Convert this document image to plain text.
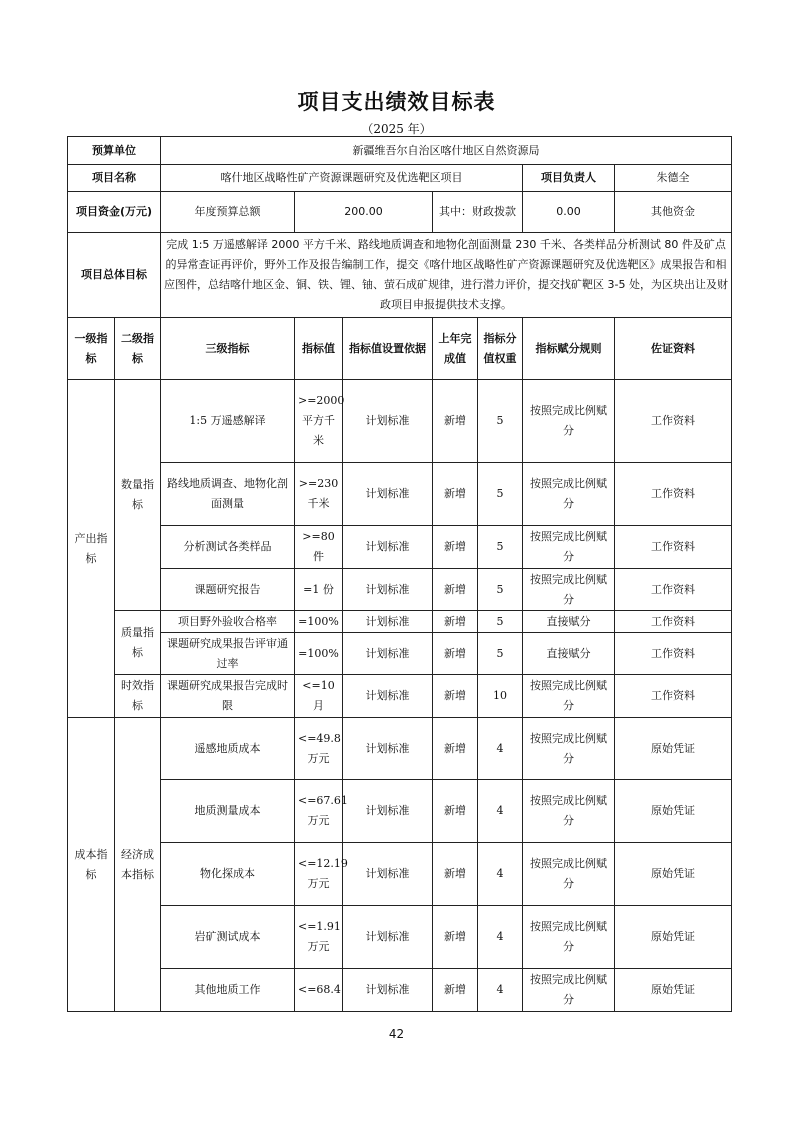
项目支出绩效目标表
（2025 年）
预算单位		新疆维吾尔自治区喀什地区自然资源局						
项目名称		喀什地区战略性矿产资源课题研究及优选靶区项目					项目负责人	朱德全
项目资金(万元)		年度预算总额	200.00		其中：财政拨款		0.00	其他资金
项目总体目标		完成 1:5 万遥感解译 2000 平方千米、路线地质调查和地物化剖面测量 230 千米、各类样品分析测试 80 件及矿点的异常查证再评价，野外工作及报告编制工作，提交《喀什地区战略性矿产资源课题研究及优选靶区》成果报告和相应图件，总结喀什地区金、铜、铁、锂、铀、萤石成矿规律，进行潜力评价，提交找矿靶区 3-5 处，为区块出让及财政项目申报提供技术支撑。						
一级指标	二级指标	三级指标	指标值	指标值设置依据	上年完成值	指标分值权重	指标赋分规则	佐证资料
产出指标	数量指标	1:5 万遥感解译	>=2000 平方千米	计划标准	新增	5	按照完成比例赋分	工作资料
		路线地质调查、地物化剖面测量	>=230 千米	计划标准	新增	5	按照完成比例赋分	工作资料
		分析测试各类样品	>=80 件	计划标准	新增	5	按照完成比例赋分	工作资料
		课题研究报告	=1 份	计划标准	新增	5	按照完成比例赋分	工作资料
	质量指标	项目野外验收合格率	=100%	计划标准	新增	5	直接赋分	工作资料
		课题研究成果报告评审通过率	=100%	计划标准	新增	5	直接赋分	工作资料
	时效指标	课题研究成果报告完成时限	<=10 月	计划标准	新增	10	按照完成比例赋分	工作资料
成本指标	经济成本指标	遥感地质成本	<=49.8 万元	计划标准	新增	4	按照完成比例赋分	原始凭证
		地质测量成本	<=67.61 万元	计划标准	新增	4	按照完成比例赋分	原始凭证
		物化探成本	<=12.19 万元	计划标准	新增	4	按照完成比例赋分	原始凭证
		岩矿测试成本	<=1.91 万元	计划标准	新增	4	按照完成比例赋分	原始凭证
		其他地质工作	<=68.4	计划标准	新增	4	按照完成比例赋分	原始凭证
42
